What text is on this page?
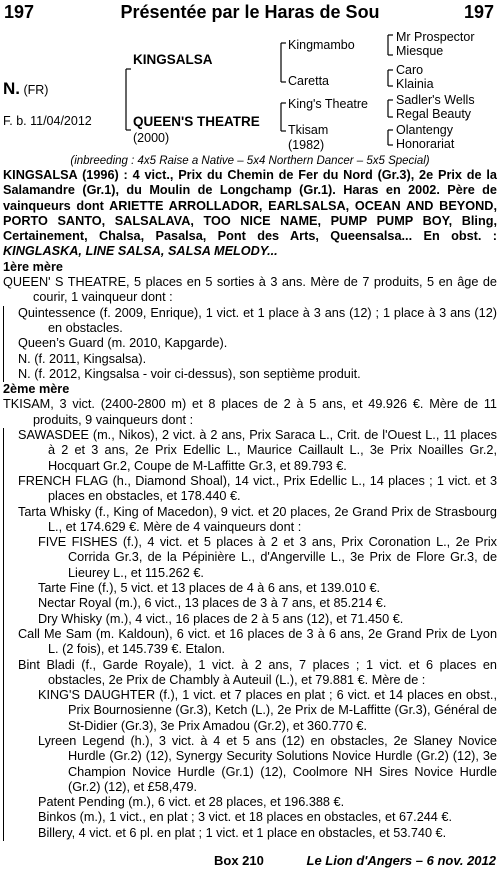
197	Présentée par le Haras de Sou	197
N. (FR)
F. b. 11/04/2012
KINGSALSA
QUEEN'S THEATRE
(2000)
Kingmambo
Caretta
King's Theatre
Tkisam
(1982)
Mr Prospector
Miesque
Caro
Klainia
Sadler's Wells
Regal Beauty
Olantengy
Honorariat
(inbreeding : 4x5 Raise a Native – 5x4 Northern Dancer – 5x5 Special)

KINGSALSA (1996) : 4 vict., Prix du Chemin de Fer du Nord (Gr.3), 2e Prix de la Salamandre (Gr.1), du Moulin de Longchamp (Gr.1). Haras en 2002. Père de vainqueurs dont ARIETTE ARROLLADOR, EARLSALSA, OCEAN AND BEYOND, PORTO SANTO, SALSALAVA, TOO NICE NAME, PUMP PUMP BOY, Bling, Certainement, Chalsa, Pasalsa, Pont des Arts, Queensalsa... En obst. : KINGLASKA, LINE SALSA, SALSA MELODY...

1ère mère

QUEEN' S THEATRE, 5 places en 5 sorties à 3 ans. Mère de 7 produits, 5 en âge de courir, 1 vainqueur dont :

Quintessence (f. 2009, Enrique), 1 vict. et 1 place à 3 ans (12) ; 1 place à 3 ans (12) en obstacles.

Queen’s Guard (m. 2010, Kapgarde).

N. (f. 2011, Kingsalsa).

N. (f. 2012, Kingsalsa - voir ci-dessus), son septième produit.

2ème mère

TKISAM, 3 vict. (2400-2800 m) et 8 places de 2 à 5 ans, et 49.926 €. Mère de 11 produits, 9 vainqueurs dont :

SAWASDEE (m., Nikos), 2 vict. à 2 ans, Prix Saraca L., Crit. de l'Ouest L., 11 places à 2 et 3 ans, 2e Prix Edellic L., Maurice Caillault L., 3e Prix Noailles Gr.2, Hocquart Gr.2, Coupe de M-Laffitte Gr.3, et 89.793 €.

FRENCH FLAG (h., Diamond Shoal), 14 vict., Prix Edellic L., 14 places ; 1 vict. et 3 places en obstacles, et 178.440 €.

Tarta Whisky (f., King of Macedon), 9 vict. et 20 places, 2e Grand Prix de Strasbourg L., et 174.629 €. Mère de 4 vainqueurs dont :

FIVE FISHES (f.), 4 vict. et 5 places à 2 et 3 ans, Prix Coronation L., 2e Prix Corrida Gr.3, de la Pépinière L., d'Angerville L., 3e Prix de Flore Gr.3, de Lieurey L., et 115.262 €.

Tarte Fine (f.), 5 vict. et 13 places de 4 à 6 ans, et 139.010 €.

Nectar Royal (m.), 6 vict., 13 places de 3 à 7 ans, et 85.214 €.

Dry Whisky (m.), 4 vict., 16 places de 2 à 5 ans (12), et 71.450 €.

Call Me Sam (m. Kaldoun), 6 vict. et 16 places de 3 à 6 ans, 2e Grand Prix de Lyon L. (2 fois), et 145.739 €. Etalon.

Bint Bladi (f., Garde Royale), 1 vict. à 2 ans, 7 places ; 1 vict. et 6 places en obstacles, 2e Prix de Chambly à Auteuil (L.), et 79.881 €. Mère de :

KING'S DAUGHTER (f.), 1 vict. et 7 places en plat ; 6 vict. et 14 places en obst., Prix Bournosienne (Gr.3), Ketch (L.), 2e Prix de M-Laffitte (Gr.3), Général de St-Didier (Gr.3), 3e Prix Amadou (Gr.2), et 360.770 €.

Lyreen Legend (h.), 3 vict. à 4 et 5 ans (12) en obstacles, 2e Slaney Novice Hurdle (Gr.2) (12), Synergy Security Solutions Novice Hurdle (Gr.2) (12), 3e Champion Novice Hurdle (Gr.1) (12), Coolmore NH Sires Novice Hurdle (Gr.2) (12), et £58,479.

Patent Pending (m.), 6 vict. et 28 places, et 196.388 €.

Binkos (m.), 1 vict., en plat ; 3 vict. et 18 places en obstacles, et 67.244 €.

Billery, 4 vict. et 6 pl. en plat ; 1 vict. et 1 place en obstacles, et 53.740 €.

Box 210	Le Lion d'Angers – 6 nov. 2012
